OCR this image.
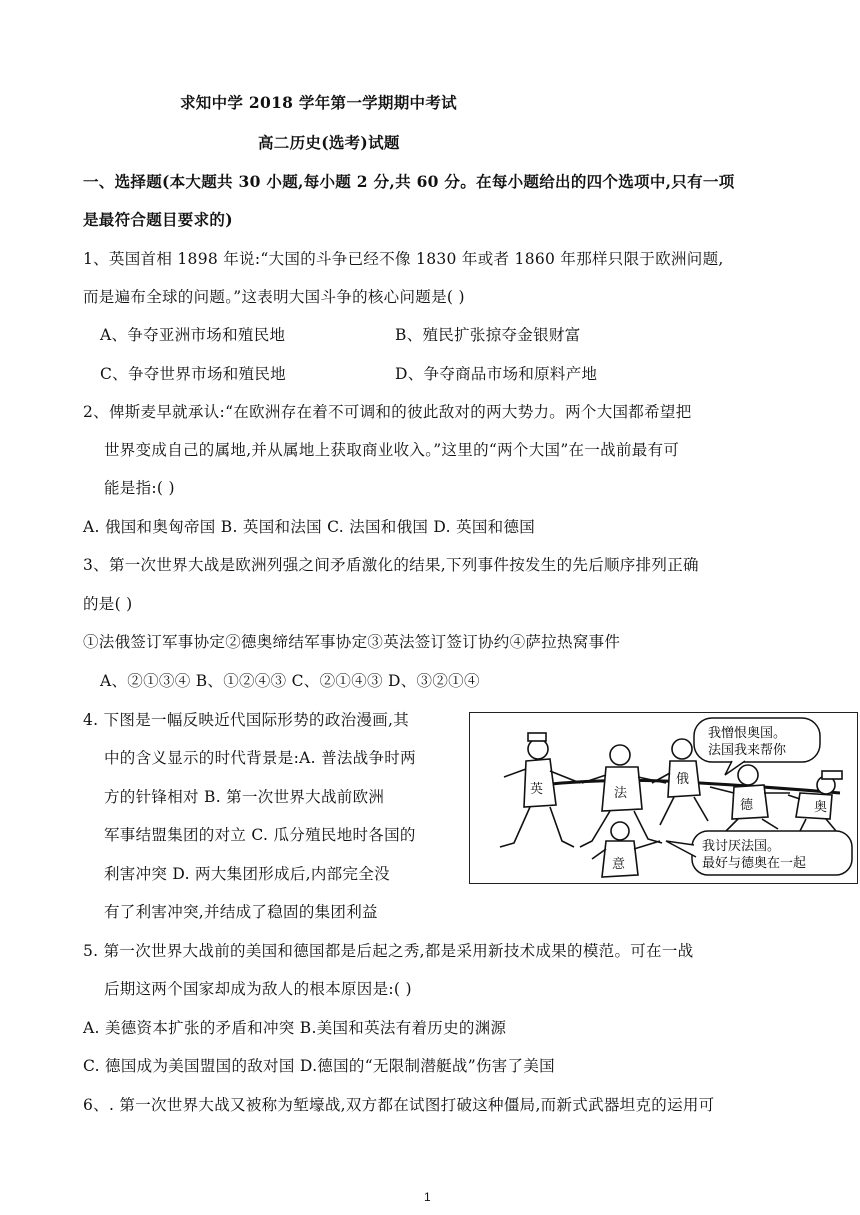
求知中学 2018 学年第一学期期中考试
高二历史(选考)试题
一、选择题(本大题共 30 小题,每小题 2 分,共 60 分。在每小题给出的四个选项中,只有一项
是最符合题目要求的)
1、英国首相 1898 年说:“大国的斗争已经不像 1830 年或者 1860 年那样只限于欧洲问题,
而是遍布全球的问题。”这表明大国斗争的核心问题是( )
A、争夺亚洲市场和殖民地	B、殖民扩张掠夺金银财富
C、争夺世界市场和殖民地	D、争夺商品市场和原料产地
2、俾斯麦早就承认:“在欧洲存在着不可调和的彼此敌对的两大势力。两个大国都希望把
世界变成自己的属地,并从属地上获取商业收入。”这里的“两个大国”在一战前最有可
能是指:( )
A. 俄国和奥匈帝国 B. 英国和法国 C. 法国和俄国 D. 英国和德国
3、第一次世界大战是欧洲列强之间矛盾激化的结果,下列事件按发生的先后顺序排列正确
的是( )
①法俄签订军事协定②德奥缔结军事协定③英法签订签订协约④萨拉热窝事件
A、②①③④ B、①②④③ C、②①④③ D、③②①④
4. 下图是一幅反映近代国际形势的政治漫画,其
中的含义显示的时代背景是:A. 普法战争时两
方的针锋相对 B. 第一次世界大战前欧洲
军事结盟集团的对立 C. 瓜分殖民地时各国的
利害冲突 D. 两大集团形成后,内部完全没
有了利害冲突,并结成了稳固的集团利益
我憎恨奥国。
法国我来帮你
我讨厌法国。
最好与德奥在一起
英	法
俄
德	奥
意
5. 第一次世界大战前的美国和德国都是后起之秀,都是采用新技术成果的模范。可在一战
后期这两个国家却成为敌人的根本原因是:( )
A. 美德资本扩张的矛盾和冲突 B.美国和英法有着历史的渊源
C. 德国成为美国盟国的敌对国 D.德国的“无限制潜艇战”伤害了美国
6、. 第一次世界大战又被称为堑壕战,双方都在试图打破这种僵局,而新式武器坦克的运用可
1
